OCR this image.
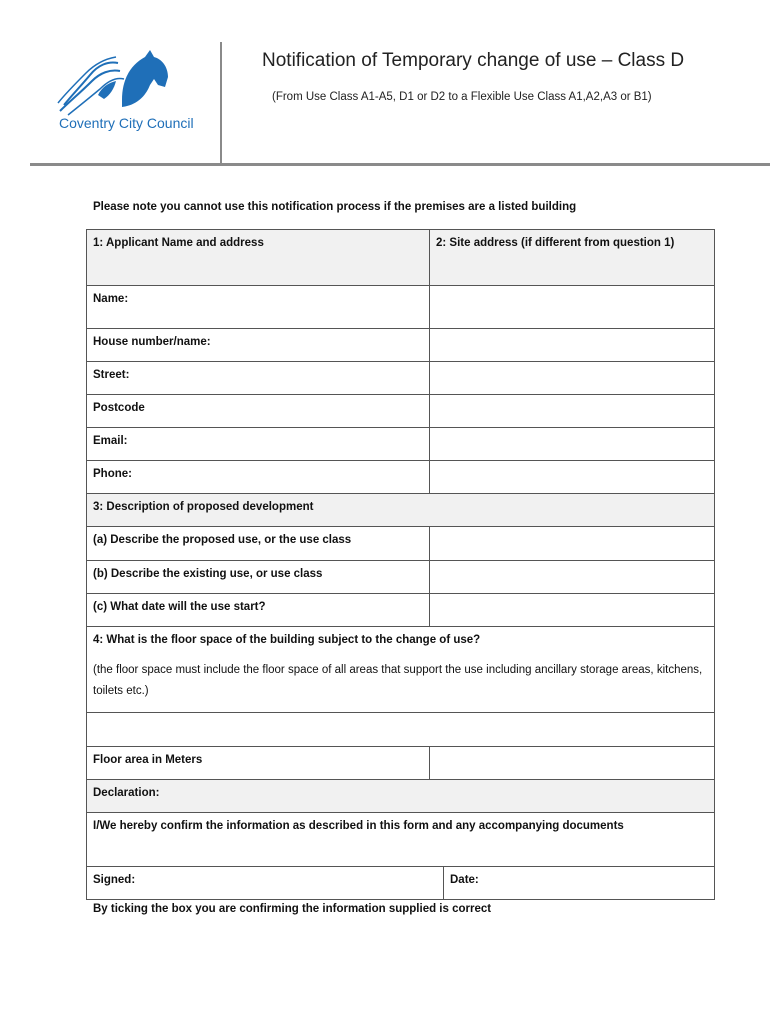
Coventry City Council
Notification of Temporary change of use – Class D
(From Use Class A1-A5, D1 or D2 to a Flexible Use Class A1,A2,A3 or B1)
Please note you cannot use this notification process if the premises are a listed building
1: Applicant Name and address	2: Site address (if different from question 1)	
Name:		
House number/name:		
Street:		
Postcode		
Email:		
Phone:		
3: Description of proposed development		
(a) Describe the proposed use, or the use class		
(b) Describe the existing use, or use class		
(c) What date will the use start?		
4: What is the floor space of the building subject to the change of use?
(the floor space must include the floor space of all areas that support the use including ancillary storage areas, kitchens, toilets etc.)		

Floor area in Meters		
Declaration:		
I/We hereby confirm the information as described in this form and any accompanying documents		
Signed:		Date:
By ticking the box you are confirming the information supplied is correct
